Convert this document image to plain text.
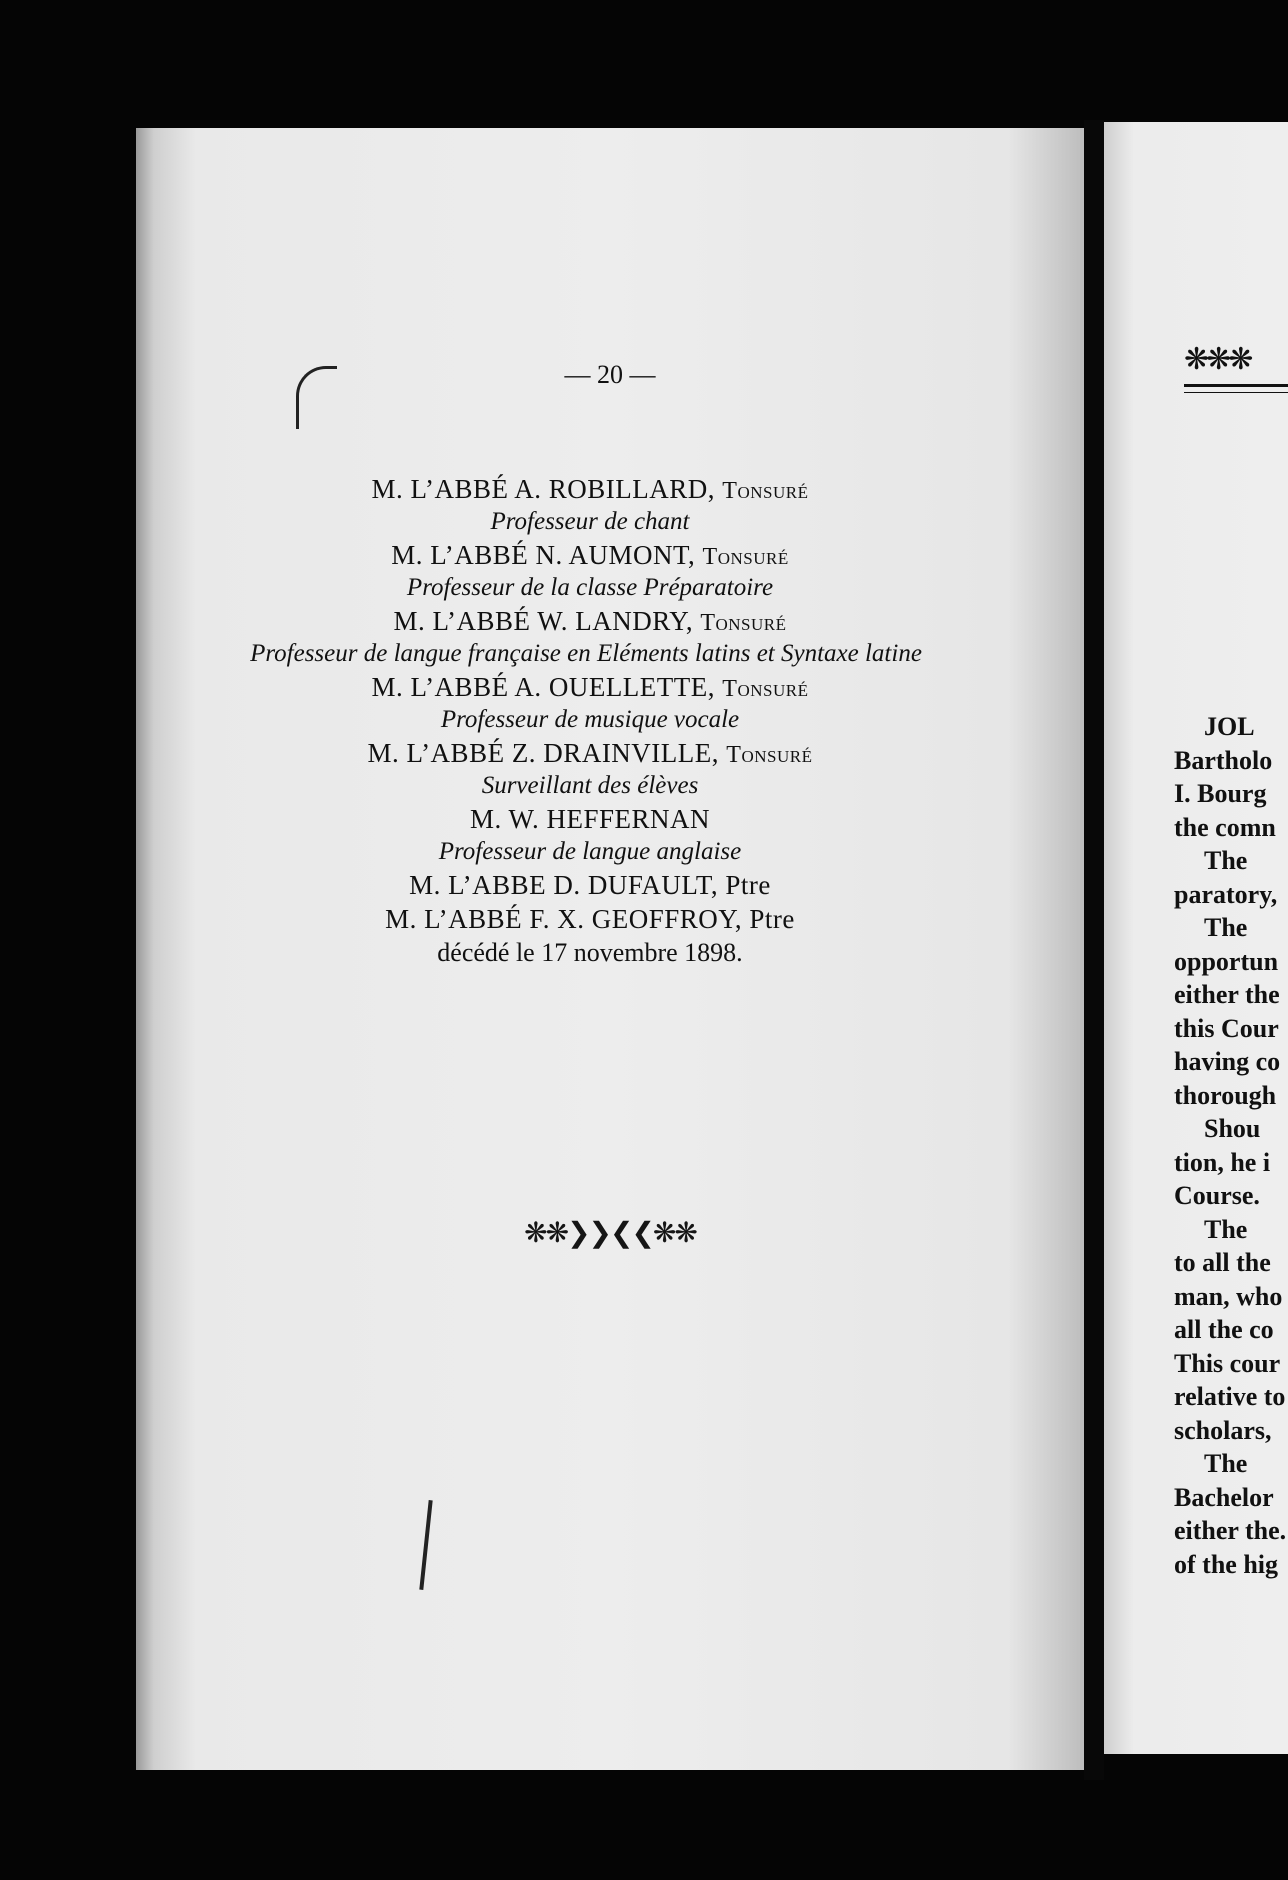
— 20 —
M. L’ABBÉ A. ROBILLARD, Tonsuré
Professeur de chant
M. L’ABBÉ N. AUMONT, Tonsuré
Professeur de la classe Préparatoire
M. L’ABBÉ W. LANDRY, Tonsuré
Professeur de langue française en Eléments latins et Syntaxe latine
M. L’ABBÉ A. OUELLETTE, Tonsuré
Professeur de musique vocale
M. L’ABBÉ Z. DRAINVILLE, Tonsuré
Surveillant des élèves
M. W. HEFFERNAN
Professeur de langue anglaise
M. L’ABBE D. DUFAULT, Ptre
M. L’ABBÉ F. X. GEOFFROY, Ptre
décédé le 17 novembre 1898.
❋❋❯❯❮❮❋❋
❋❋❋
JOL
Bartholo
I. Bourg
the comn
The
paratory,
The
opportun
either the
this Cour
having co
thorough
Shou
tion, he i
Course.
The
to all the
man, who
all the co
This cour
relative to
scholars,
The
Bachelor
either the.
of the hig
